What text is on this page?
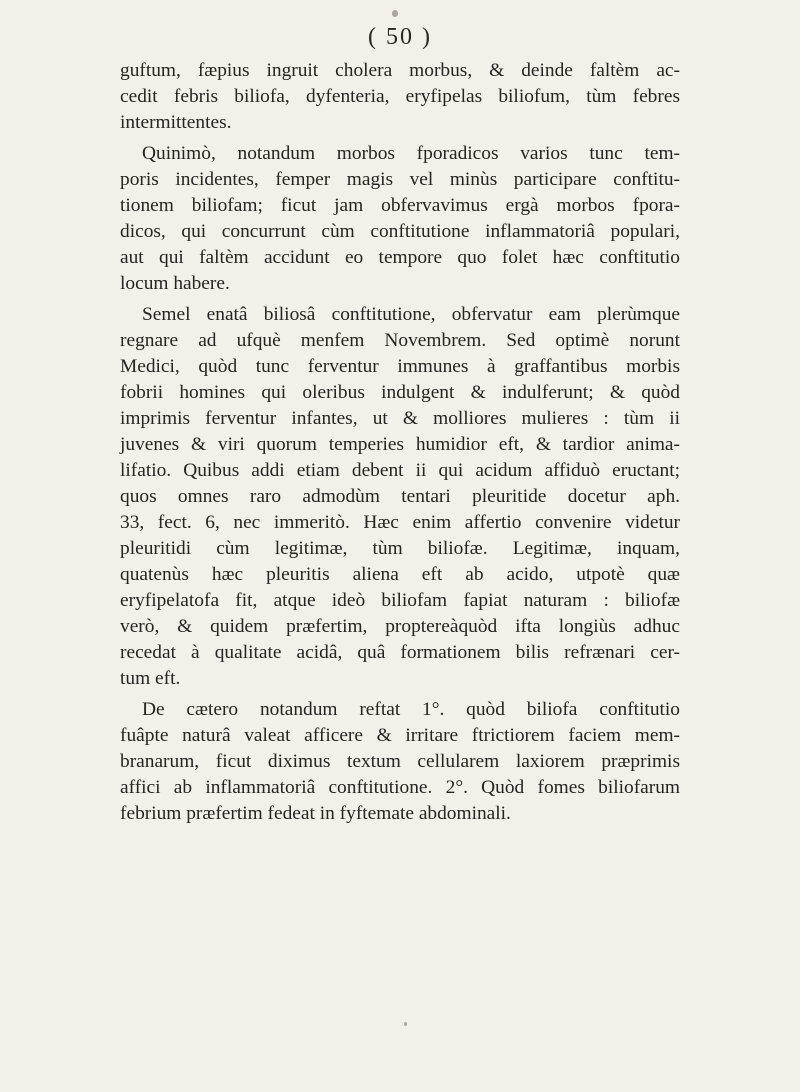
( 50 )

guftum, fæpius ingruit cholera morbus, & deinde faltèm ac-
cedit febris biliofa, dyfenteria, eryfipelas biliofum, tùm febres
intermittentes.

Quinimò, notandum morbos fporadicos varios tunc tem-
poris incidentes, femper magis vel minùs participare conftitu-
tionem biliofam; ficut jam obfervavimus ergà morbos fpora-
dicos, qui concurrunt cùm conftitutione inflammatoriâ populari,
aut qui faltèm accidunt eo tempore quo folet hæc conftitutio
locum habere.

Semel enatâ biliosâ conftitutione, obfervatur eam plerùmque
regnare ad ufquè menfem Novembrem. Sed optimè norunt
Medici, quòd tunc ferventur immunes à graffantibus morbis
fobrii homines qui oleribus indulgent & indulferunt; & quòd
imprimis ferventur infantes, ut & molliores mulieres : tùm ii
juvenes & viri quorum temperies humidior eft, & tardior anima-
lifatio. Quibus addi etiam debent ii qui acidum affiduò eructant;
quos omnes raro admodùm tentari pleuritide docetur aph.
33, fect. 6, nec immeritò. Hæc enim affertio convenire videtur
pleuritidi cùm legitimæ, tùm biliofæ. Legitimæ, inquam,
quatenùs hæc pleuritis aliena eft ab acido, utpotè quæ
eryfipelatofa fit, atque ideò biliofam fapiat naturam : biliofæ
verò, & quidem præfertim, proptereàquòd ifta longiùs adhuc
recedat à qualitate acidâ, quâ formationem bilis refrænari cer-
tum eft.

De cætero notandum reftat 1°. quòd biliofa conftitutio
fuâpte naturâ valeat afficere & irritare ftrictiorem faciem mem-
branarum, ficut diximus textum cellularem laxiorem præprimis
affici ab inflammatoriâ conftitutione. 2°. Quòd fomes biliofarum
febrium præfertim fedeat in fyftemate abdominali.
